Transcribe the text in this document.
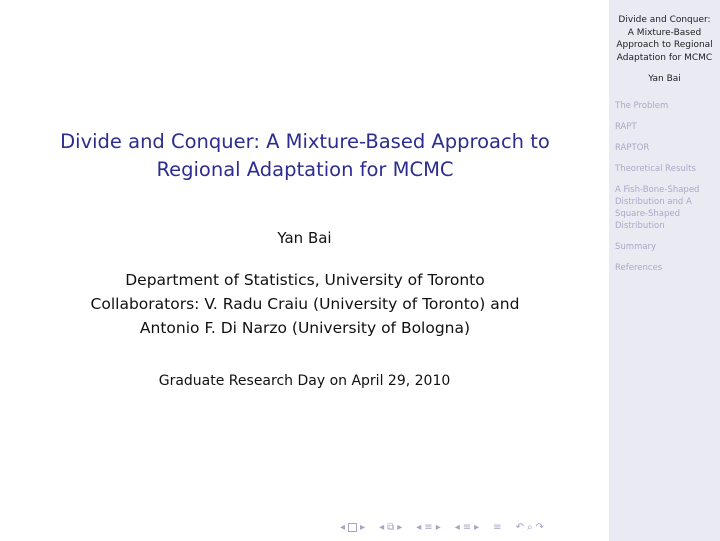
Divide and Conquer: A Mixture-Based Approach to
Regional Adaptation for MCMC
Yan Bai
Department of Statistics, University of Toronto
Collaborators: V. Radu Craiu (University of Toronto) and
Antonio F. Di Narzo (University of Bologna)
Graduate Research Day on April 29, 2010
Divide and Conquer:
A Mixture-Based
Approach to Regional
Adaptation for MCMC
Yan Bai
The Problem
RAPT
RAPTOR
Theoretical Results
A Fish-Bone-Shaped
Distribution and A
Square-Shaped
Distribution
Summary
References
◂ ▸ ◂ ⧉ ▸ ◂ ≡ ▸ ◂ ≡ ▸ ≡ ↶ ⌕ ↷
